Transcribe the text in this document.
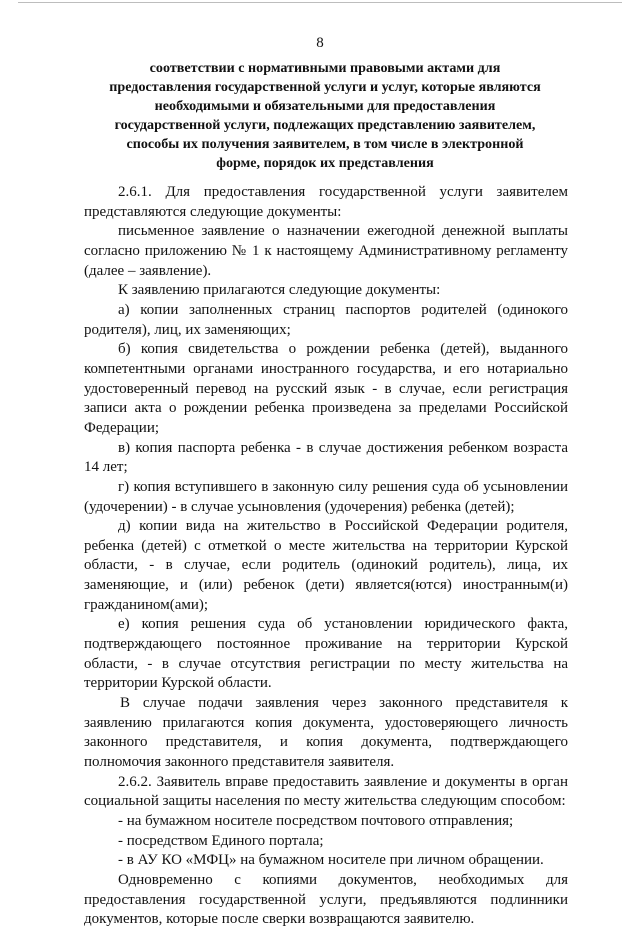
8
соответствии с нормативными правовыми актами для предоставления государственной услуги и услуг, которые являются необходимыми и обязательными для предоставления государственной услуги, подлежащих представлению заявителем, способы их получения заявителем, в том числе в электронной форме, порядок их представления

2.6.1. Для предоставления государственной услуги заявителем представляются следующие документы:

письменное заявление о назначении ежегодной денежной выплаты согласно приложению № 1 к настоящему Административному регламенту (далее – заявление).

К заявлению прилагаются следующие документы:

а) копии заполненных страниц паспортов родителей (одинокого родителя), лиц, их заменяющих;

б) копия свидетельства о рождении ребенка (детей), выданного компетентными органами иностранного государства, и его нотариально удостоверенный перевод на русский язык - в случае, если регистрация записи акта о рождении ребенка произведена за пределами Российской Федерации;

в) копия паспорта ребенка - в случае достижения ребенком возраста 14 лет;

г) копия вступившего в законную силу решения суда об усыновлении (удочерении) - в случае усыновления (удочерения) ребенка (детей);

д) копии вида на жительство в Российской Федерации родителя, ребенка (детей) с отметкой о месте жительства на территории Курской области, - в случае, если родитель (одинокий родитель), лица, их заменяющие, и (или) ребенок (дети) является(ются) иностранным(и) гражданином(ами);

е) копия решения суда об установлении юридического факта, подтверждающего постоянное проживание на территории Курской области, - в случае отсутствия регистрации по месту жительства на территории Курской области.

В случае подачи заявления через законного представителя к заявлению прилагаются копия документа, удостоверяющего личность законного представителя, и копия документа, подтверждающего полномочия законного представителя заявителя.

2.6.2. Заявитель вправе предоставить заявление и документы в орган социальной защиты населения по месту жительства следующим способом:

- на бумажном носителе посредством почтового отправления;

- посредством Единого портала;

- в АУ КО «МФЦ» на бумажном носителе при личном обращении.

Одновременно с копиями документов, необходимых для предоставления государственной услуги, предъявляются подлинники документов, которые после сверки возвращаются заявителю.
